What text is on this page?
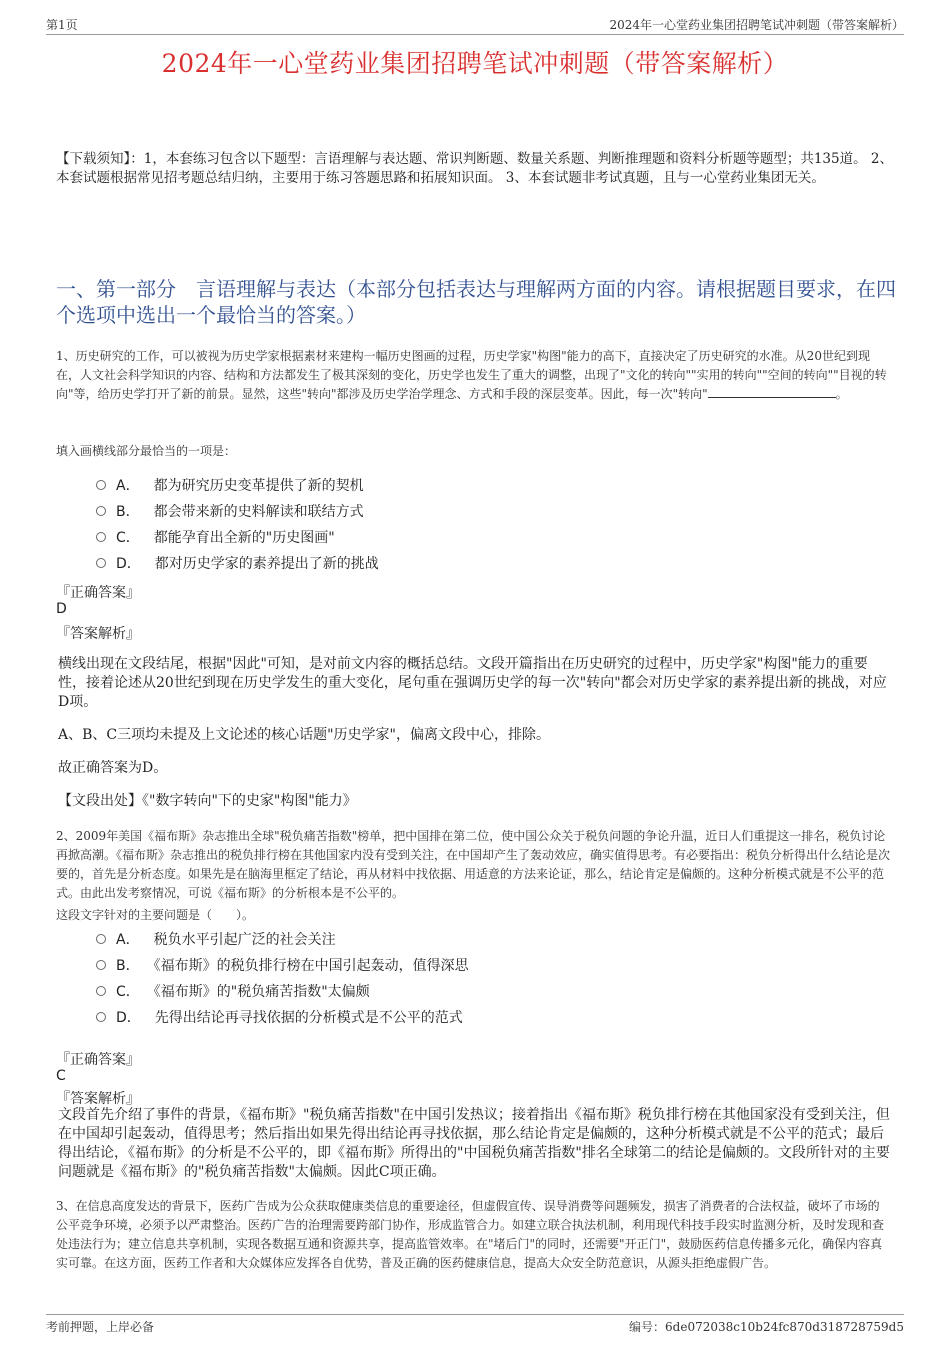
第1页	2024年一心堂药业集团招聘笔试冲刺题（带答案解析）
2024年一心堂药业集团招聘笔试冲刺题（带答案解析）
【下载须知】：1，本套练习包含以下题型：言语理解与表达题、常识判断题、数量关系题、判断推理题和资料分析题等题型；共135道。 2、本套试题根据常见招考题总结归纳，主要用于练习答题思路和拓展知识面。 3、本套试题非考试真题，且与一心堂药业集团无关。
一、第一部分　言语理解与表达（本部分包括表达与理解两方面的内容。请根据题目要求，在四个选项中选出一个最恰当的答案。）
1、历史研究的工作，可以被视为历史学家根据素材来建构一幅历史图画的过程，历史学家"构图"能力的高下，直接决定了历史研究的水准。从20世纪到现在，人文社会科学知识的内容、结构和方法都发生了极其深刻的变化，历史学也发生了重大的调整，出现了"文化的转向""实用的转向""空间的转向""目视的转向"等，给历史学打开了新的前景。显然，这些"转向"都涉及历史学治学理念、方式和手段的深层变革。因此，每一次"转向"	。
填入画横线部分最恰当的一项是：
A． 都为研究历史变革提供了新的契机
B． 都会带来新的史料解读和联结方式
C． 都能孕育出全新的"历史图画"
D． 都对历史学家的素养提出了新的挑战
『正确答案』
D
『答案解析』
横线出现在文段结尾，根据"因此"可知，是对前文内容的概括总结。文段开篇指出在历史研究的过程中，历史学家"构图"能力的重要性，接着论述从20世纪到现在历史学发生的重大变化，尾句重在强调历史学的每一次"转向"都会对历史学家的素养提出新的挑战，对应D项。
A、B、C三项均未提及上文论述的核心话题"历史学家"，偏离文段中心，排除。
故正确答案为D。
【文段出处】《"数字转向"下的史家"构图"能力》
2、2009年美国《福布斯》杂志推出全球"税负痛苦指数"榜单，把中国排在第二位，使中国公众关于税负问题的争论升温，近日人们重提这一排名，税负讨论再掀高潮。《福布斯》杂志推出的税负排行榜在其他国家内没有受到关注，在中国却产生了轰动效应，确实值得思考。有必要指出：税负分析得出什么结论是次要的，首先是分析态度。如果先是在脑海里框定了结论，再从材料中找依据、用适意的方法来论证，那么，结论肯定是偏颇的。这种分析模式就是不公平的范式。由此出发考察情况，可说《福布斯》的分析根本是不公平的。
这段文字针对的主要问题是（　　）。
A． 税负水平引起广泛的社会关注
B． 《福布斯》的税负排行榜在中国引起轰动，值得深思
C． 《福布斯》的"税负痛苦指数"太偏颇
D． 先得出结论再寻找依据的分析模式是不公平的范式
『正确答案』
C
『答案解析』
文段首先介绍了事件的背景，《福布斯》"税负痛苦指数"在中国引发热议；接着指出《福布斯》税负排行榜在其他国家没有受到关注，但在中国却引起轰动，值得思考；然后指出如果先得出结论再寻找依据，那么结论肯定是偏颇的，这种分析模式就是不公平的范式；最后得出结论，《福布斯》的分析是不公平的，即《福布斯》所得出的"中国税负痛苦指数"排名全球第二的结论是偏颇的。文段所针对的主要问题就是《福布斯》的"税负痛苦指数"太偏颇。因此C项正确。
3、在信息高度发达的背景下，医药广告成为公众获取健康类信息的重要途径，但虚假宣传、误导消费等问题频发，损害了消费者的合法权益，破坏了市场的公平竞争环境，必须予以严肃整治。医药广告的治理需要跨部门协作，形成监管合力。如建立联合执法机制，利用现代科技手段实时监测分析，及时发现和查处违法行为；建立信息共享机制，实现各数据互通和资源共享，提高监管效率。在"堵后门"的同时，还需要"开正门"，鼓励医药信息传播多元化，确保内容真实可靠。在这方面，医药工作者和大众媒体应发挥各自优势，普及正确的医药健康信息，提高大众安全防范意识，从源头拒绝虚假广告。
考前押题，上岸必备	编号：6de072038c10b24fc870d318728759d5
